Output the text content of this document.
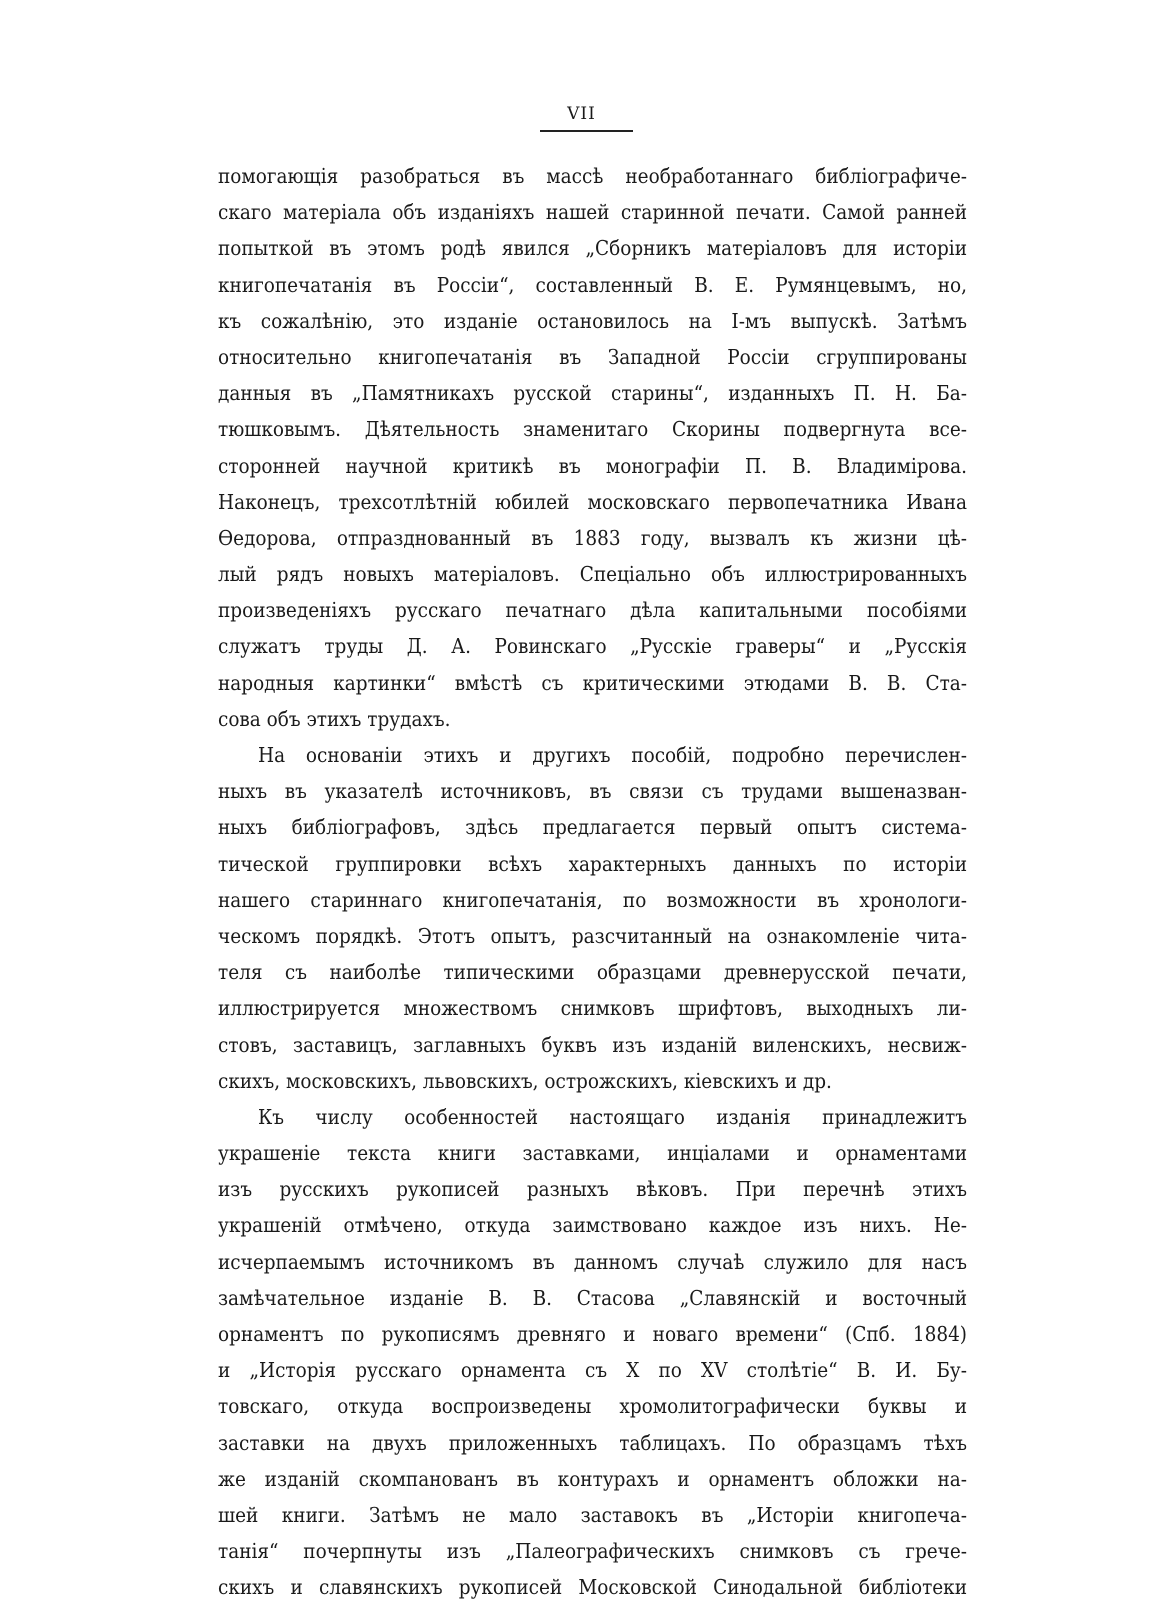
VII
помогающія разобраться въ массѣ необработаннаго библіографиче-
скаго матеріала объ изданіяхъ нашей старинной печати. Самой ранней
попыткой въ этомъ родѣ явился „Сборникъ матеріаловъ для исторіи
книгопечатанія въ Россіи“, составленный В. Е. Румянцевымъ, но,
къ сожалѣнію, это изданіе остановилось на І-мъ выпускѣ. Затѣмъ
относительно книгопечатанія въ Западной Россіи сгруппированы
данныя въ „Памятникахъ русской старины“, изданныхъ П. Н. Ба-
тюшковымъ. Дѣятельность знаменитаго Скорины подвергнута все-
сторонней научной критикѣ въ монографіи П. В. Владимірова.
Наконецъ, трехсотлѣтній юбилей московскаго первопечатника Ивана
Ѳедорова, отпразднованный въ 1883 году, вызвалъ къ жизни цѣ-
лый рядъ новыхъ матеріаловъ. Спеціально объ иллюстрированныхъ
произведеніяхъ русскаго печатнаго дѣла капитальными пособіями
служатъ труды Д. А. Ровинскаго „Русскіе граверы“ и „Русскія
народныя картинки“ вмѣстѣ съ критическими этюдами В. В. Ста-
сова объ этихъ трудахъ.
На основаніи этихъ и другихъ пособій, подробно перечислен-
ныхъ въ указателѣ источниковъ, въ связи съ трудами вышеназван-
ныхъ библіографовъ, здѣсь предлагается первый опытъ система-
тической группировки всѣхъ характерныхъ данныхъ по исторіи
нашего стариннаго книгопечатанія, по возможности въ хронологи-
ческомъ порядкѣ. Этотъ опытъ, разсчитанный на ознакомленіе чита-
теля съ наиболѣе типическими образцами древнерусской печати,
иллюстрируется множествомъ снимковъ шрифтовъ, выходныхъ ли-
стовъ, заставицъ, заглавныхъ буквъ изъ изданій виленскихъ, несвиж-
скихъ, московскихъ, львовскихъ, острожскихъ, кіевскихъ и др.
Къ числу особенностей настоящаго изданія принадлежитъ
украшеніе текста книги заставками, инціалами и орнаментами
изъ русскихъ рукописей разныхъ вѣковъ. При перечнѣ этихъ
украшеній отмѣчено, откуда заимствовано каждое изъ нихъ. Не-
исчерпаемымъ источникомъ въ данномъ случаѣ служило для насъ
замѣчательное изданіе В. В. Стасова „Славянскій и восточный
орнаментъ по рукописямъ древняго и новаго времени“ (Спб. 1884)
и „Исторія русскаго орнамента съ X по XV столѣтіе“ В. И. Бу-
товскаго, откуда воспроизведены хромолитографически буквы и
заставки на двухъ приложенныхъ таблицахъ. По образцамъ тѣхъ
же изданій скомпанованъ въ контурахъ и орнаментъ обложки на-
шей книги. Затѣмъ не мало заставокъ въ „Исторіи книгопеча-
танія“ почерпнуты изъ „Палеографическихъ снимковъ съ грече-
скихъ и славянскихъ рукописей Московской Синодальной библіотеки
